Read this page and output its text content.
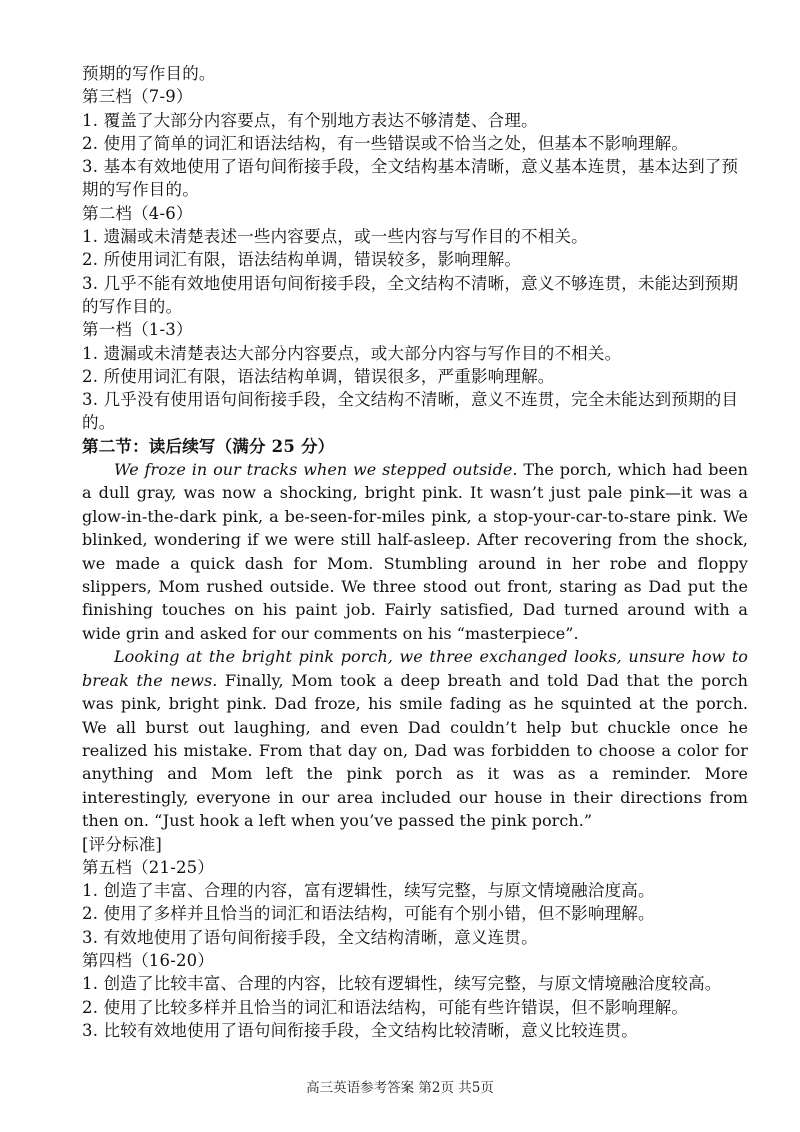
预期的写作目的。

第三档（7-9）

1. 覆盖了大部分内容要点，有个别地方表达不够清楚、合理。

2. 使用了简单的词汇和语法结构，有一些错误或不恰当之处，但基本不影响理解。

3. 基本有效地使用了语句间衔接手段，全文结构基本清晰，意义基本连贯，基本达到了预期的写作目的。

第二档（4-6）

1. 遗漏或未清楚表述一些内容要点，或一些内容与写作目的不相关。

2. 所使用词汇有限，语法结构单调，错误较多，影响理解。

3. 几乎不能有效地使用语句间衔接手段，全文结构不清晰，意义不够连贯，未能达到预期的写作目的。

第一档（1-3）

1. 遗漏或未清楚表达大部分内容要点，或大部分内容与写作目的不相关。

2. 所使用词汇有限，语法结构单调，错误很多，严重影响理解。

3. 几乎没有使用语句间衔接手段，全文结构不清晰，意义不连贯，完全未能达到预期的目的。

第二节：读后续写（满分 25 分）

We froze in our tracks when we stepped outside. The porch, which had been a dull gray, was now a shocking, bright pink. It wasn’t just pale pink—it was a glow-in-the-dark pink, a be-seen-for-miles pink, a stop-your-car-to-stare pink. We blinked, wondering if we were still half-asleep. After recovering from the shock, we made a quick dash for Mom. Stumbling around in her robe and floppy slippers, Mom rushed outside. We three stood out front, staring as Dad put the finishing touches on his paint job. Fairly satisfied, Dad turned around with a wide grin and asked for our comments on his “masterpiece”.

Looking at the bright pink porch, we three exchanged looks, unsure how to break the news. Finally, Mom took a deep breath and told Dad that the porch was pink, bright pink. Dad froze, his smile fading as he squinted at the porch. We all burst out laughing, and even Dad couldn’t help but chuckle once he realized his mistake. From that day on, Dad was forbidden to choose a color for anything and Mom left the pink porch as it was as a reminder. More interestingly, everyone in our area included our house in their directions from then on. “Just hook a left when you’ve passed the pink porch.”

[评分标准]

第五档（21-25）

1. 创造了丰富、合理的内容，富有逻辑性，续写完整，与原文情境融洽度高。

2. 使用了多样并且恰当的词汇和语法结构，可能有个别小错，但不影响理解。

3. 有效地使用了语句间衔接手段，全文结构清晰，意义连贯。

第四档（16-20）

1. 创造了比较丰富、合理的内容，比较有逻辑性，续写完整，与原文情境融洽度较高。

2. 使用了比较多样并且恰当的词汇和语法结构，可能有些许错误，但不影响理解。

3. 比较有效地使用了语句间衔接手段，全文结构比较清晰，意义比较连贯。

高三英语参考答案 第2页 共5页
